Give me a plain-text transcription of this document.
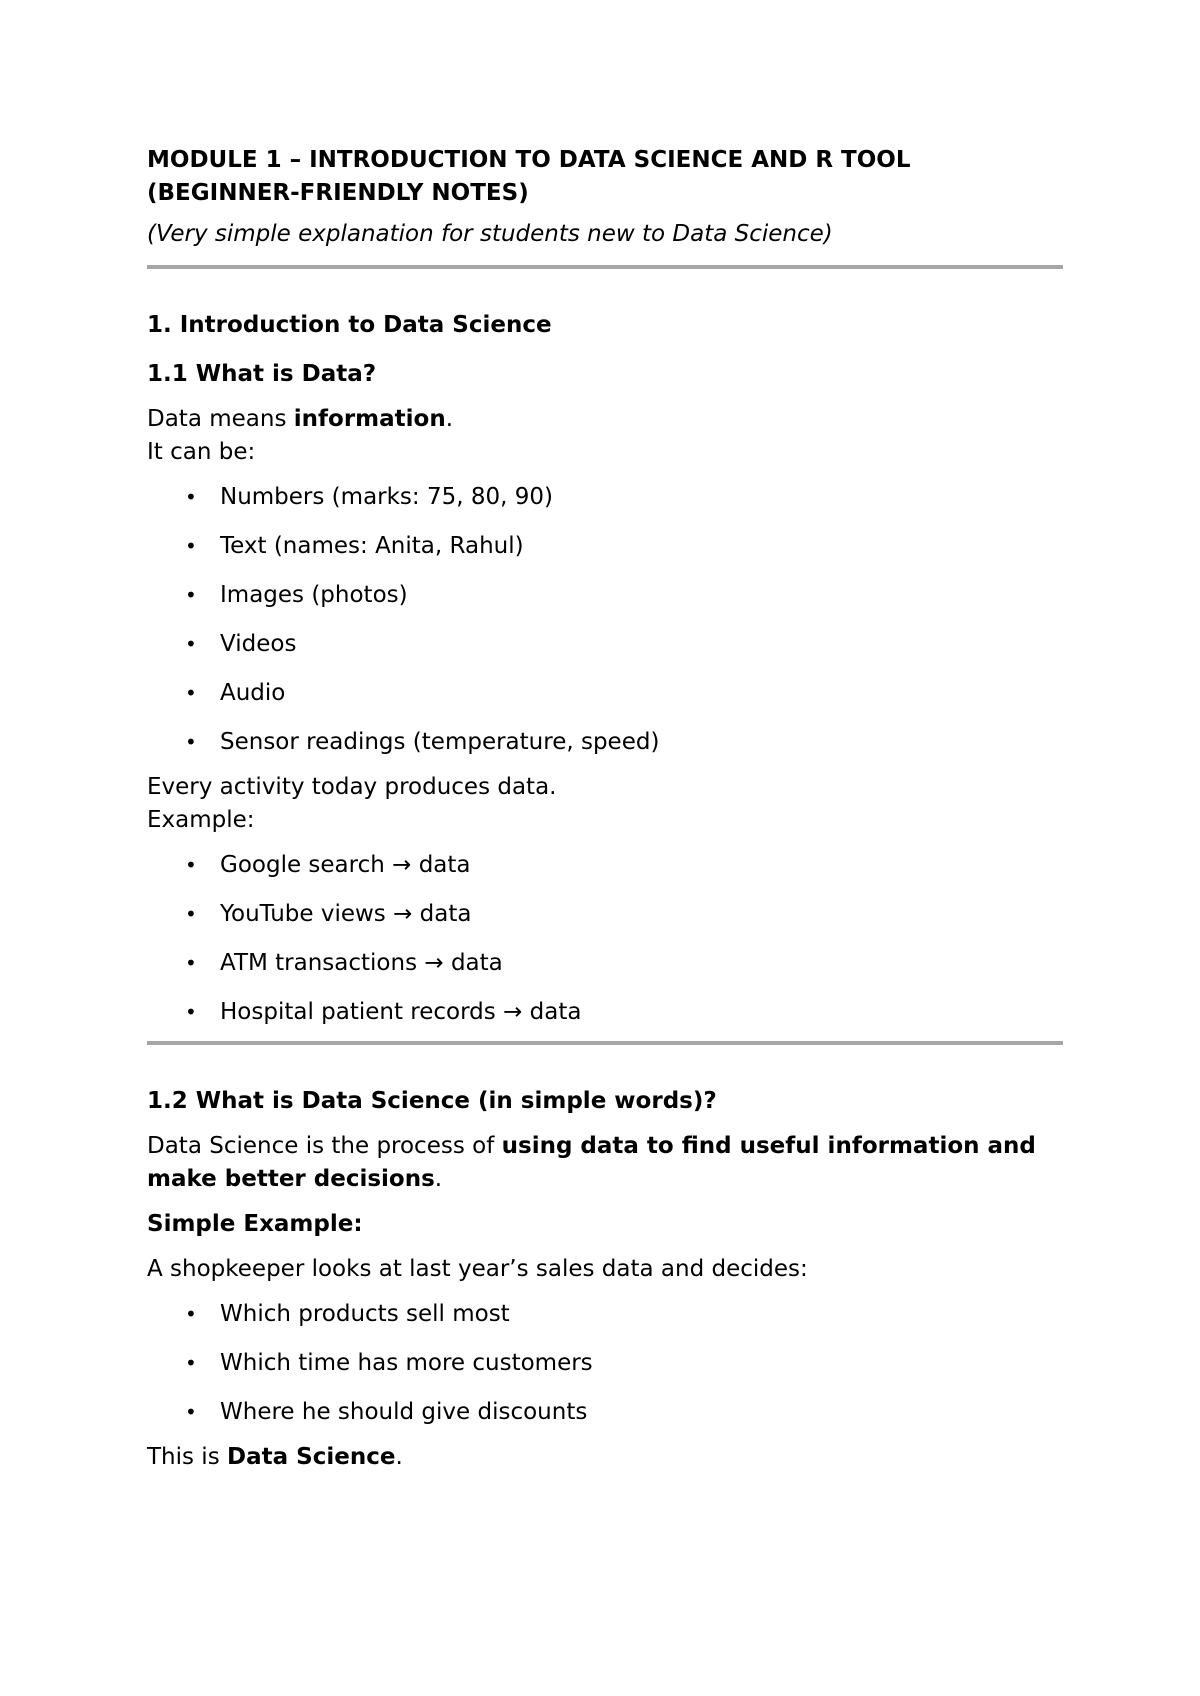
MODULE 1 – INTRODUCTION TO DATA SCIENCE AND R TOOL
(BEGINNER-FRIENDLY NOTES)

(Very simple explanation for students new to Data Science)

1. Introduction to Data Science
1.1 What is Data?

Data means information.

It can be:

• Numbers (marks: 75, 80, 90)
• Text (names: Anita, Rahul)
• Images (photos)
• Videos
• Audio
• Sensor readings (temperature, speed)

Every activity today produces data.

Example:

• Google search → data
• YouTube views → data
• ATM transactions → data
• Hospital patient records → data
1.2 What is Data Science (in simple words)?

Data Science is the process of using data to find useful information and make better decisions.

Simple Example:

A shopkeeper looks at last year’s sales data and decides:

• Which products sell most
• Which time has more customers
• Where he should give discounts

This is Data Science.
